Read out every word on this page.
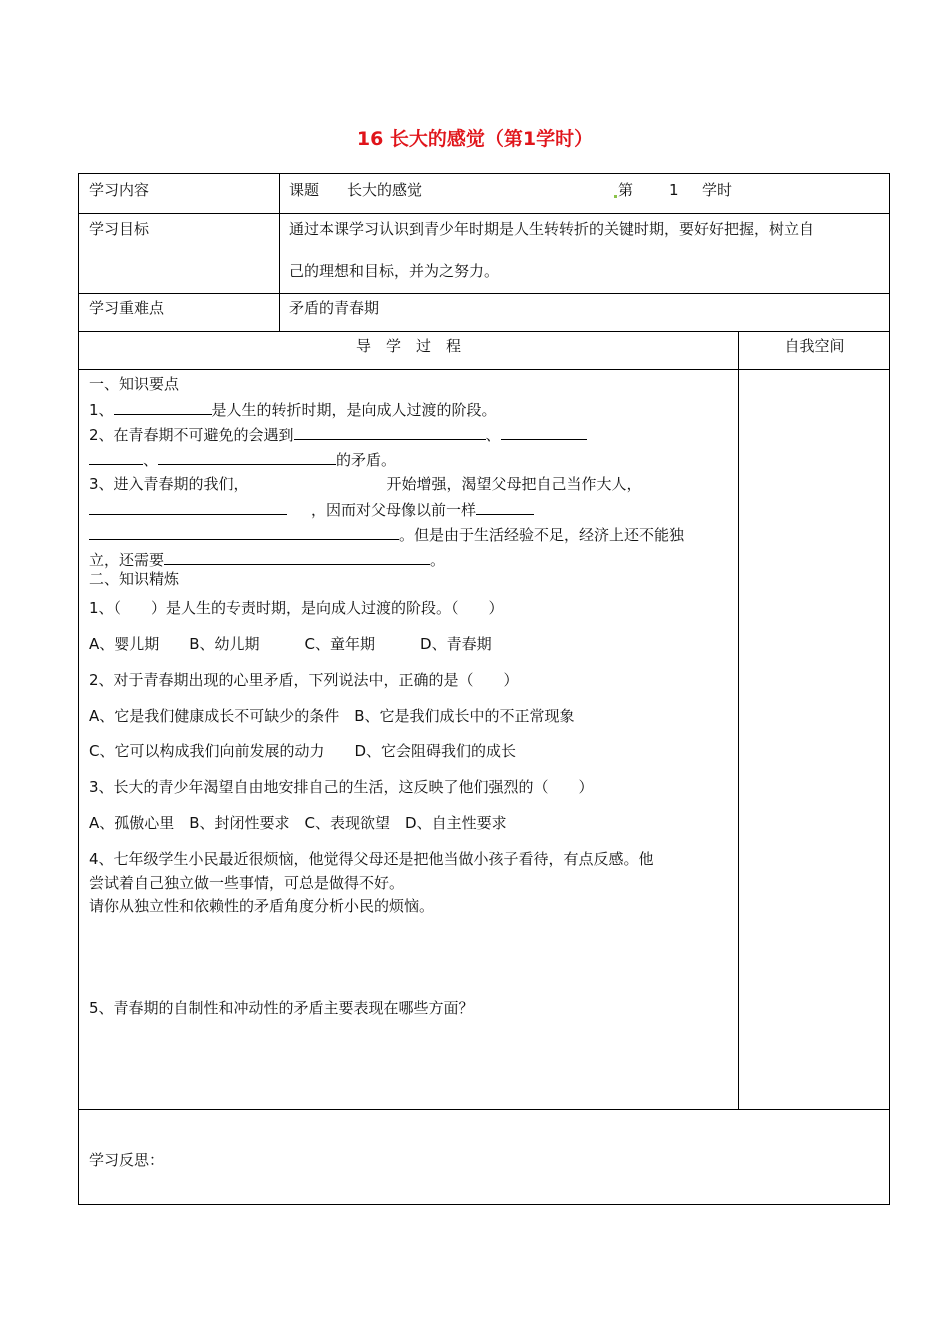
16 长大的感觉（第1学时）
学习内容	课题 长大的感觉	第 1 学时
学习目标	通过本课学习认识到青少年时期是人生转转折的关键时期，要好好把握，树立自
己的理想和目标，并为之努力。
学习重难点	矛盾的青春期
导　学　过　程	自我空间
一、知识要点
1、	是人生的转折时期，是向成人过渡的阶段。
2、在青春期不可避免的会遇到	、
、	的矛盾。
3、进入青春期的我们，	开始增强，渴望父母把自己当作大人，
，因而对父母像以前一样
。但是由于生活经验不足，经济上还不能独
立，还需要	。
二、知识精炼
1、（　　）是人生的专责时期，是向成人过渡的阶段。（　　）
A、婴儿期　　B、幼儿期　　　C、童年期　　　D、青春期
2、对于青春期出现的心里矛盾，下列说法中，正确的是（　　）
A、它是我们健康成长不可缺少的条件　B、它是我们成长中的不正常现象
C、它可以构成我们向前发展的动力　　D、它会阻碍我们的成长
3、长大的青少年渴望自由地安排自己的生活，这反映了他们强烈的（　　）
A、孤傲心里　B、封闭性要求　C、表现欲望　D、自主性要求
4、七年级学生小民最近很烦恼，他觉得父母还是把他当做小孩子看待，有点反感。他
尝试着自己独立做一些事情，可总是做得不好。
请你从独立性和依赖性的矛盾角度分析小民的烦恼。
5、青春期的自制性和冲动性的矛盾主要表现在哪些方面？
学习反思：
